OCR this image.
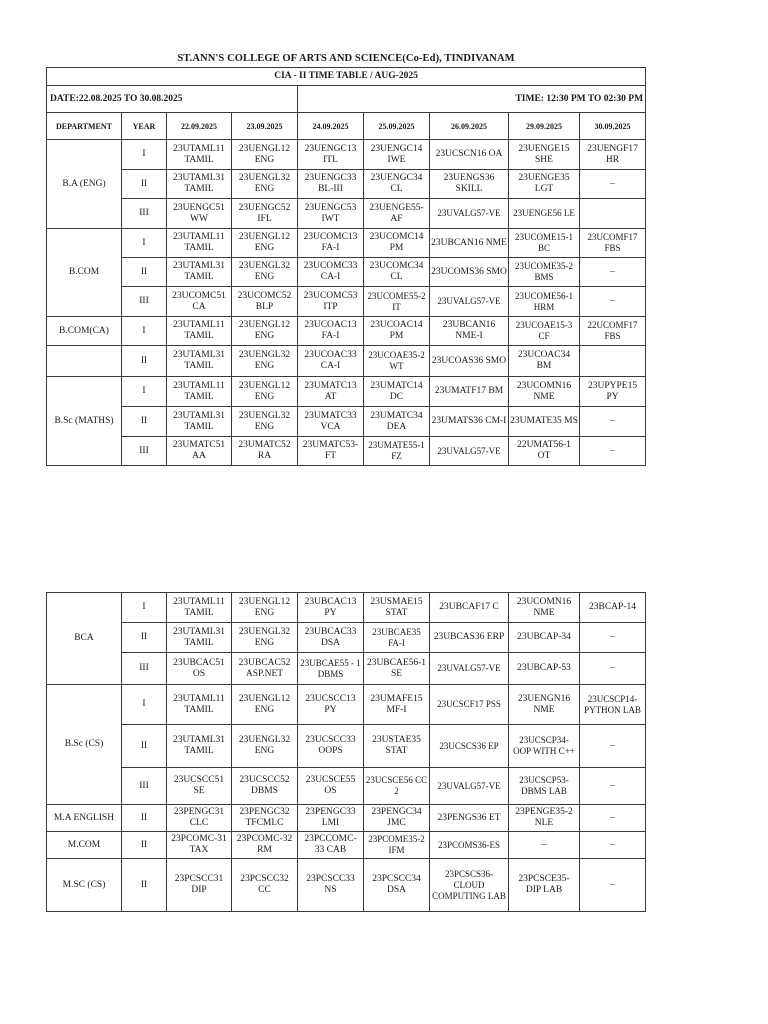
ST.ANN'S COLLEGE OF ARTS AND SCIENCE(Co-Ed), TINDIVANAM
CIA - II TIME TABLE / AUG-2025								
DATE:22.08.2025 TO 30.08.2025				TIME: 12:30 PM TO 02:30 PM				
DEPARTMENT	YEAR	22.09.2025	23.09.2025	24.09.2025	25.09.2025	26.09.2025	29.09.2025	30.09.2025
B.A (ENG)	I	23UTAML11 TAMIL	23UENGL12 ENG	23UENGC13 ITL	23UENGC14 IWE	23UCSCN16 OA	23UENGE15 SHE	23UENGF17 HR
	II	23UTAML31 TAMIL	23UENGL32 ENG	23UENGC33 BL-III	23UENGC34 CL	23UENGS36 SKILL	23UENGE35 LGT	–
	III	23UENGC51 WW	23UENGC52 IFL	23UENGC53 IWT	23UENGE55- AF	23UVALG57-VE	23UENGE56 LE	
B.COM	I	23UTAML11 TAMIL	23UENGL12 ENG	23UCOMC13 FA-I	23UCOMC14 PM	23UBCAN16 NME	23UCOME15-1 BC	23UCOMF17 FBS
	II	23UTAML31 TAMIL	23UENGL32 ENG	23UCOMC33 CA-I	23UCOMC34 CL	23UCOMS36 SMO	23UCOME35-2 BMS	–
	III	23UCOMC51 CA	23UCOMC52 BLP	23UCOMC53 ITP	23UCOME55-2 IT	23UVALG57-VE	23UCOME56-1 HRM	–
B.COM(CA)	I	23UTAML11 TAMIL	23UENGL12 ENG	23UCOAC13 FA-I	23UCOAC14 PM	23UBCAN16 NME-I	23UCOAE15-3 CF	22UCOMF17 FBS
	II	23UTAML31 TAMIL	23UENGL32 ENG	23UCOAC33 CA-I	23UCOAE35-2 WT	23UCOAS36 SMO	23UCOAC34 BM	
B.Sc (MATHS)	I	23UTAML11 TAMIL	23UENGL12 ENG	23UMATC13 AT	23UMATC14 DC	23UMATF17 BM	23UCOMN16 NME	23UPYPE15 PY
	II	23UTAML31 TAMIL	23UENGL32 ENG	23UMATC33 VCA	23UMATC34 DEA	23UMATS36 CM-I	23UMATE35 MS	–
	III	23UMATC51 AA	23UMATC52 RA	23UMATC53- FT	23UMATE55-1 FZ	23UVALG57-VE	22UMAT56-1 OT	–
BCA	I	23UTAML11 TAMIL	23UENGL12 ENG	23UBCAC13 PY	23USMAE15 STAT	23UBCAF17 C	23UCOMN16 NME	23BCAP-14
	II	23UTAML31 TAMIL	23UENGL32 ENG	23UBCAC33 DSA	23UBCAE35 FA-I	23UBCAS36 ERP	23UBCAP-34	–
	III	23UBCAC51 OS	23UBCAC52 ASP.NET	23UBCAE55 - 1 DBMS	23UBCAE56-1 SE	23UVALG57-VE	23UBCAP-53	–
B.Sc (CS)	I	23UTAML11 TAMIL	23UENGL12 ENG	23UCSCC13 PY	23UMAFE15 MF-I	23UCSCF17 PSS	23UENGN16 NME	23UCSCP14- PYTHON LAB
	II	23UTAML31 TAMIL	23UENGL32 ENG	23UCSCC33 OOPS	23USTAE35 STAT	23UCSCS36 EP	23UCSCP34- OOP WITH C++	–
	III	23UCSCC51 SE	23UCSCC52 DBMS	23UCSCE55 OS	23UCSCE56 CC 2	23UVALG57-VE	23UCSCP53- DBMS LAB	–
M.A ENGLISH	II	23PENGC31 CLC	23PENGC32 TFCMLC	23PENGC33 LMI	23PENGC34 JMC	23PENGS36 ET	23PENGE35-2 NLE	–
M.COM	II	23PCOMC-31 TAX	23PCOMC-32 RM	23PCCOMC- 33 CAB	23PCOME35-2 IFM	23PCOMS36-ES	–	–
M.SC (CS)	II	23PCSCC31 DIP	23PCSCC32 CC	23PCSCC33 NS	23PCSCC34 DSA	23PCSCS36- CLOUD COMPUTING LAB	23PCSCE35- DIP LAB	–
